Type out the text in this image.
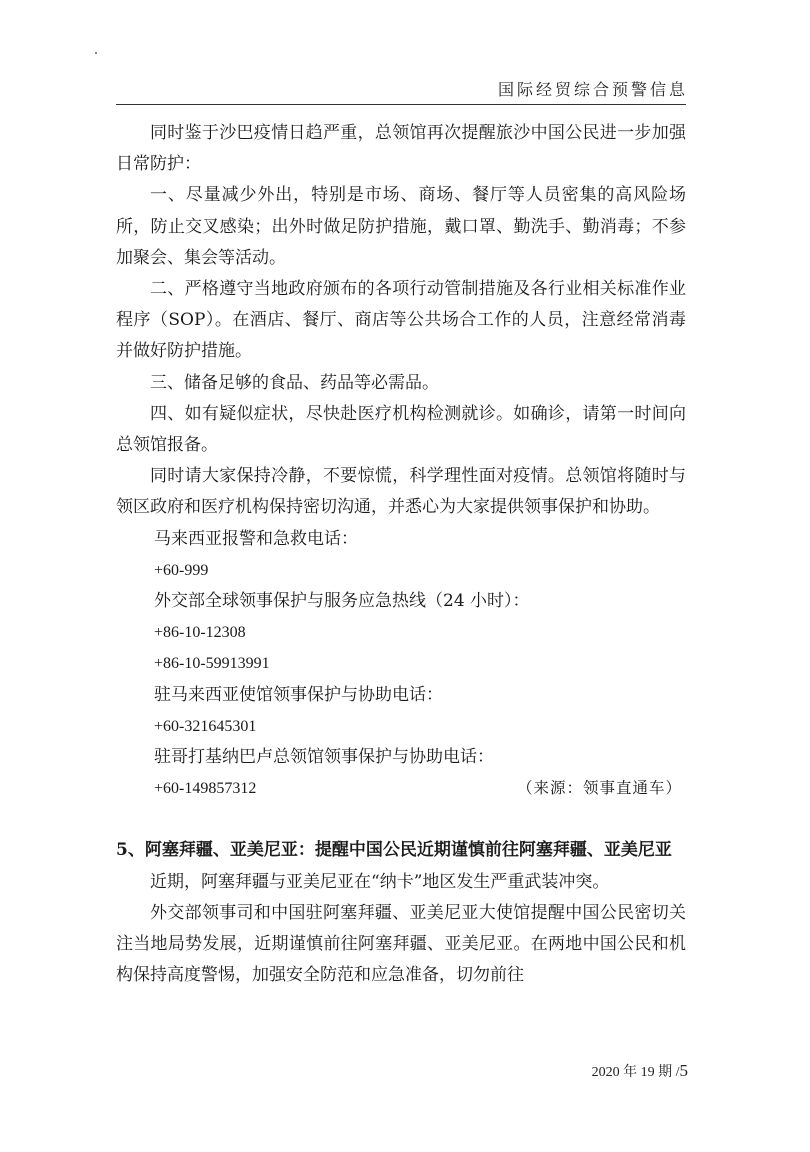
国际经贸综合预警信息

同时鉴于沙巴疫情日趋严重，总领馆再次提醒旅沙中国公民进一步加强日常防护：

一、尽量减少外出，特别是市场、商场、餐厅等人员密集的高风险场所，防止交叉感染；出外时做足防护措施，戴口罩、勤洗手、勤消毒；不参加聚会、集会等活动。

二、严格遵守当地政府颁布的各项行动管制措施及各行业相关标准作业程序（SOP）。在酒店、餐厅、商店等公共场合工作的人员，注意经常消毒并做好防护措施。

三、储备足够的食品、药品等必需品。

四、如有疑似症状，尽快赴医疗机构检测就诊。如确诊，请第一时间向总领馆报备。

同时请大家保持冷静，不要惊慌，科学理性面对疫情。总领馆将随时与领区政府和医疗机构保持密切沟通，并悉心为大家提供领事保护和协助。

马来西亚报警和急救电话：

+60-999

外交部全球领事保护与服务应急热线（24 小时）：

+86-10-12308

+86-10-59913991

驻马来西亚使馆领事保护与协助电话：

+60-321645301

驻哥打基纳巴卢总领馆领事保护与协助电话：

+60-149857312	（来源：领事直通车）

5、阿塞拜疆、亚美尼亚：提醒中国公民近期谨慎前往阿塞拜疆、亚美尼亚

近期，阿塞拜疆与亚美尼亚在“纳卡”地区发生严重武装冲突。

外交部领事司和中国驻阿塞拜疆、亚美尼亚大使馆提醒中国公民密切关注当地局势发展，近期谨慎前往阿塞拜疆、亚美尼亚。在两地中国公民和机构保持高度警惕，加强安全防范和应急准备，切勿前往

2020 年 19 期 /5
